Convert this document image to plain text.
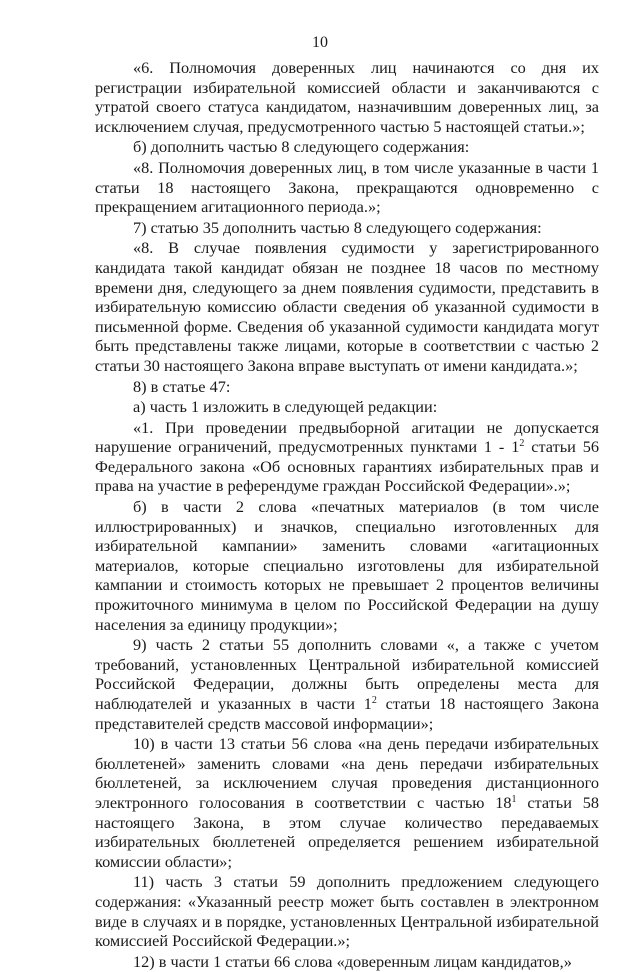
10

«6. Полномочия доверенных лиц начинаются со дня их регистрации избирательной комиссией области и заканчиваются с утратой своего статуса кандидатом, назначившим доверенных лиц, за исключением случая, предусмотренного частью 5 настоящей статьи.»;

б) дополнить частью 8 следующего содержания:

«8. Полномочия доверенных лиц, в том числе указанные в части 1 статьи 18 настоящего Закона, прекращаются одновременно с прекращением агитационного периода.»;

7) статью 35 дополнить частью 8 следующего содержания:

«8. В случае появления судимости у зарегистрированного кандидата такой кандидат обязан не позднее 18 часов по местному времени дня, следующего за днем появления судимости, представить в избирательную комиссию области сведения об указанной судимости в письменной форме. Сведения об указанной судимости кандидата могут быть представлены также лицами, которые в соответствии с частью 2 статьи 30 настоящего Закона вправе выступать от имени кандидата.»;

8) в статье 47:

а) часть 1 изложить в следующей редакции:

«1. При проведении предвыборной агитации не допускается нарушение ограничений, предусмотренных пунктами $1 - 1^2$ статьи 56 Федерального закона «Об основных гарантиях избирательных прав и права на участие в референдуме граждан Российской Федерации».»;

б) в части 2 слова «печатных материалов (в том числе иллюстрированных) и значков, специально изготовленных для избирательной кампании» заменить словами «агитационных материалов, которые специально изготовлены для избирательной кампании и стоимость которых не превышает 2 процентов величины прожиточного минимума в целом по Российской Федерации на душу населения за единицу продукции»;

9) часть 2 статьи 55 дополнить словами «, а также с учетом требований, установленных Центральной избирательной комиссией Российской Федерации, должны быть определены места для наблюдателей и указанных в части $1^2$ статьи 18 настоящего Закона представителей средств массовой информации»;

10) в части 13 статьи 56 слова «на день передачи избирательных бюллетеней» заменить словами «на день передачи избирательных бюллетеней, за исключением случая проведения дистанционного электронного голосования в соответствии с частью $18^1$ статьи 58 настоящего Закона, в этом случае количество передаваемых избирательных бюллетеней определяется решением избирательной комиссии области»;

11) часть 3 статьи 59 дополнить предложением следующего содержания: «Указанный реестр может быть составлен в электронном виде в случаях и в порядке, установленных Центральной избирательной комиссией Российской Федерации.»;

12) в части 1 статьи 66 слова «доверенным лицам кандидатов,»
